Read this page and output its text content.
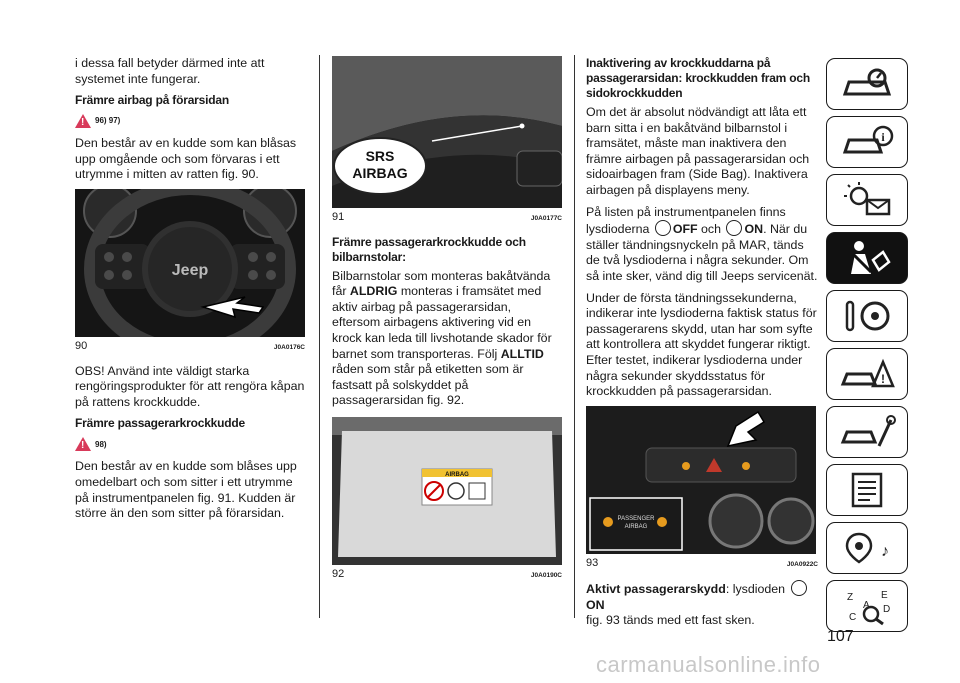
i dessa fall betyder därmed inte att systemet inte fungerar.

Främre airbag på förarsidan
!
96) 97)

Den består av en kudde som kan blåsas upp omgående och som förvaras i ett utrymme i mitten av ratten fig. 90.

Jeep
90	J0A0176C

OBS! Använd inte väldigt starka rengöringsprodukter för att rengöra kåpan på rattens krockkudde.

Främre passagerarkrockkudde
!
98)

Den består av en kudde som blåses upp omedelbart och som sitter i ett utrymme på instrumentpanelen fig. 91. Kudden är större än den som sitter på förarsidan.

SRS
AIRBAG
91	J0A0177C
Främre passagerarkrockkudde och bilbarnstolar:

Bilbarnstolar som monteras bakåtvända får ALDRIG monteras i framsätet med aktiv airbag på passagerarsidan, eftersom airbagens aktivering vid en krock kan leda till livshotande skador för barnet som transporteras. Följ ALLTID råden som står på etiketten som är fastsatt på solskyddet på passagerarsidan fig. 92.

AIRBAG
92	J0A0190C
Inaktivering av krockkuddarna på passagerarsidan: krockkudden fram och sidokrockkudden

Om det är absolut nödvändigt att låta ett barn sitta i en bakåtvänd bilbarnstol i framsätet, måste man inaktivera den främre airbagen på passagerarsidan och sidoairbagen fram (Side Bag). Inaktivera airbagen på displayens meny.

På listen på instrumentpanelen finns lysdioderna OFF och ON. När du ställer tändningsnyckeln på MAR, tänds de två lysdioderna i några sekunder. Om så inte sker, vänd dig till Jeeps servicenät.

Under de första tändningssekunderna, indikerar inte lysdioderna faktisk status för passagerarens skydd, utan har som syfte att kontrollera att skyddet fungerar riktigt. Efter testet, indikerar lysdioderna under några sekunder skyddsstatus för krockkudden på passagerarsidan.

PASSENGER
AIRBAG
93	J0A0922C

Aktivt passagerarskydd: lysdioden ON
fig. 93 tänds med ett fast sken.

i
!
♪
Z	E
A D
C
107
carmanualsonline.info
